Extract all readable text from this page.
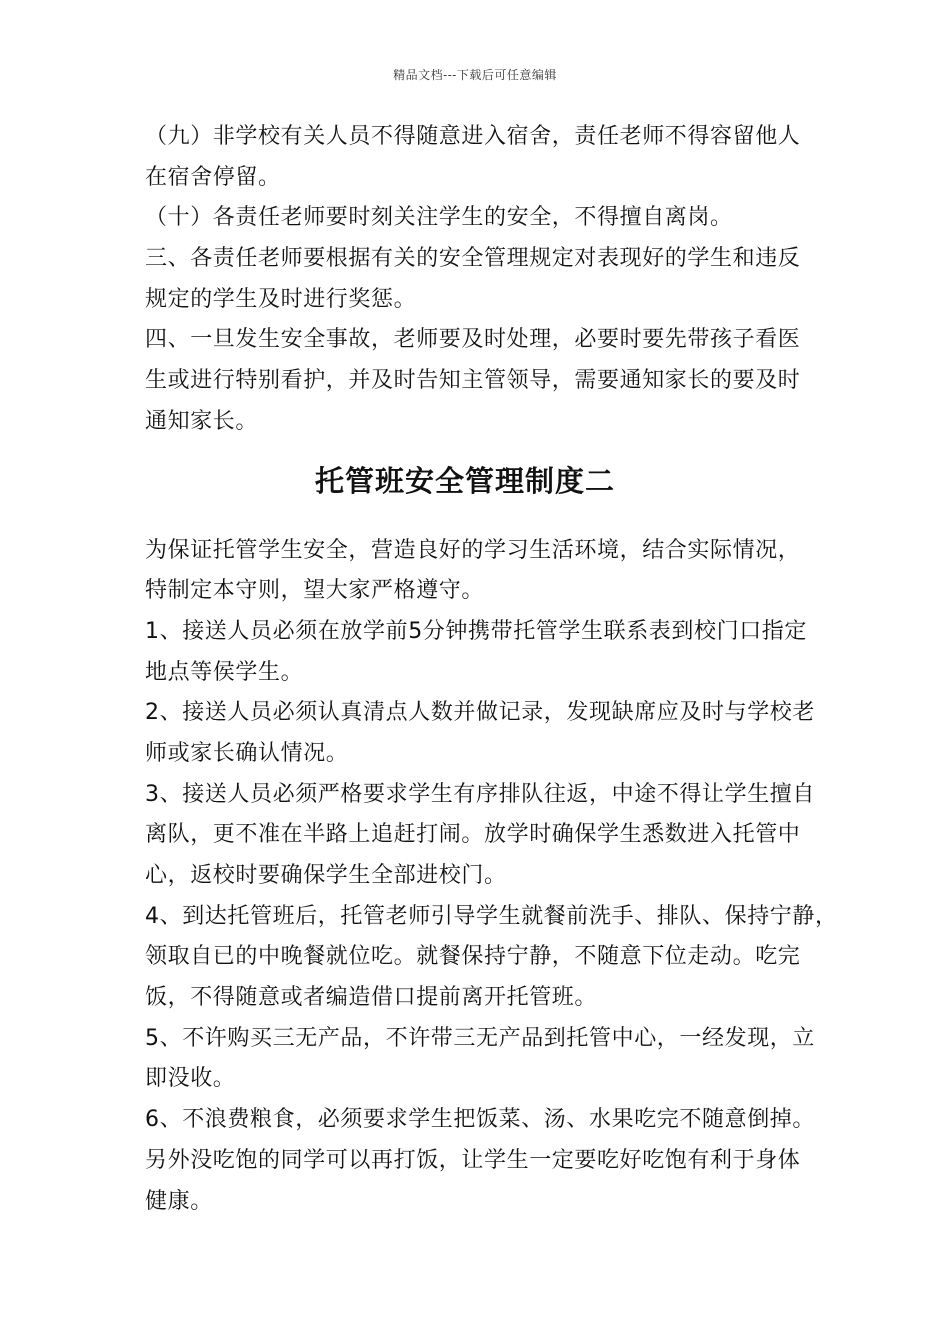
精品文档---下载后可任意编辑
（九）非学校有关人员不得随意进入宿舍，责任老师不得容留他人
在宿舍停留。
（十）各责任老师要时刻关注学生的安全，不得擅自离岗。
三、各责任老师要根据有关的安全管理规定对表现好的学生和违反
规定的学生及时进行奖惩。
四、一旦发生安全事故，老师要及时处理，必要时要先带孩子看医
生或进行特别看护，并及时告知主管领导，需要通知家长的要及时
通知家长。
托管班安全管理制度二
为保证托管学生安全，营造良好的学习生活环境，结合实际情况，
特制定本守则，望大家严格遵守。
1、接送人员必须在放学前5分钟携带托管学生联系表到校门口指定
地点等侯学生。
2、接送人员必须认真清点人数并做记录，发现缺席应及时与学校老
师或家长确认情况。
3、接送人员必须严格要求学生有序排队往返，中途不得让学生擅自
离队，更不准在半路上追赶打闹。放学时确保学生悉数进入托管中
心，返校时要确保学生全部进校门。
4、到达托管班后，托管老师引导学生就餐前洗手、排队、保持宁静，
领取自已的中晚餐就位吃。就餐保持宁静，不随意下位走动。吃完
饭，不得随意或者编造借口提前离开托管班。
5、不许购买三无产品，不许带三无产品到托管中心，一经发现，立
即没收。
6、不浪费粮食，必须要求学生把饭菜、汤、水果吃完不随意倒掉。
另外没吃饱的同学可以再打饭，让学生一定要吃好吃饱有利于身体
健康。
